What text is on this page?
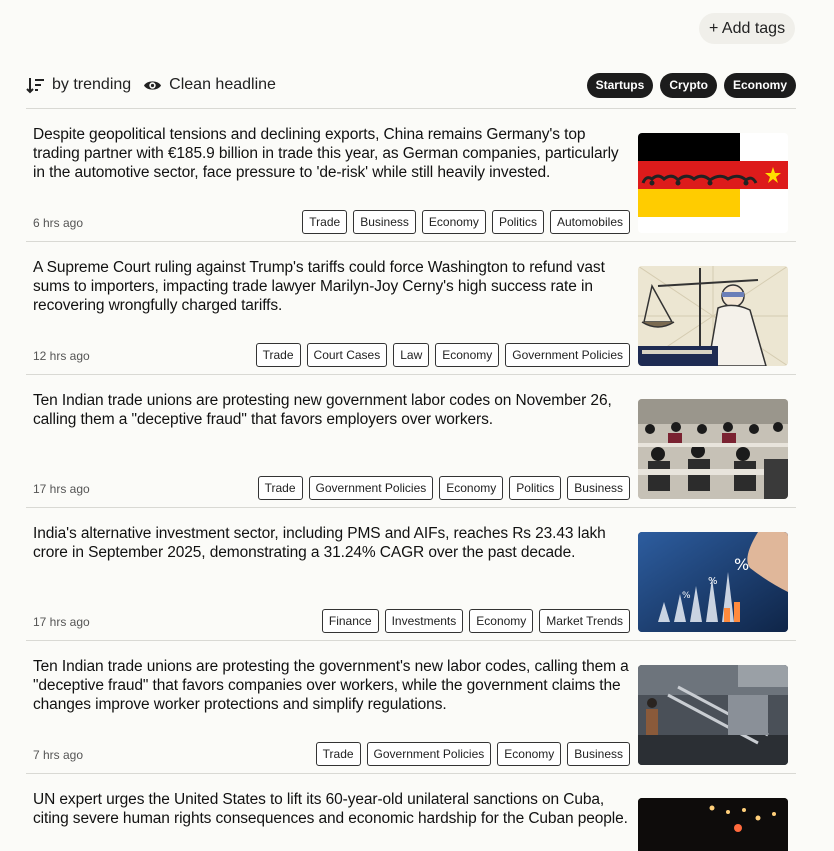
+ Add tags
by trending Clean headline	Startups	Crypto	Economy
Despite geopolitical tensions and declining exports, China remains Germany's top trading partner with €185.9 billion in trade this year, as German companies, particularly in the automotive sector, face pressure to 'de-risk' while still heavily invested.
6 hrs ago	Trade	Business	Economy	Politics	Automobiles
A Supreme Court ruling against Trump's tariffs could force Washington to refund vast sums to importers, impacting trade lawyer Marilyn-Joy Cerny's high success rate in recovering wrongfully charged tariffs.
12 hrs ago	Trade	Court Cases	Law	Economy	Government Policies
Ten Indian trade unions are protesting new government labor codes on November 26, calling them a "deceptive fraud" that favors employers over workers.
17 hrs ago	Trade	Government Policies	Economy	Politics	Business
India's alternative investment sector, including PMS and AIFs, reaches Rs 23.43 lakh crore in September 2025, demonstrating a 31.24% CAGR over the past decade.
17 hrs ago	Finance	Investments	Economy	Market Trends
%
%
%
Ten Indian trade unions are protesting the government's new labor codes, calling them a "deceptive fraud" that favors companies over workers, while the government claims the changes improve worker protections and simplify regulations.
7 hrs ago	Trade	Government Policies	Economy	Business
UN expert urges the United States to lift its 60-year-old unilateral sanctions on Cuba, citing severe human rights consequences and economic hardship for the Cuban people.
